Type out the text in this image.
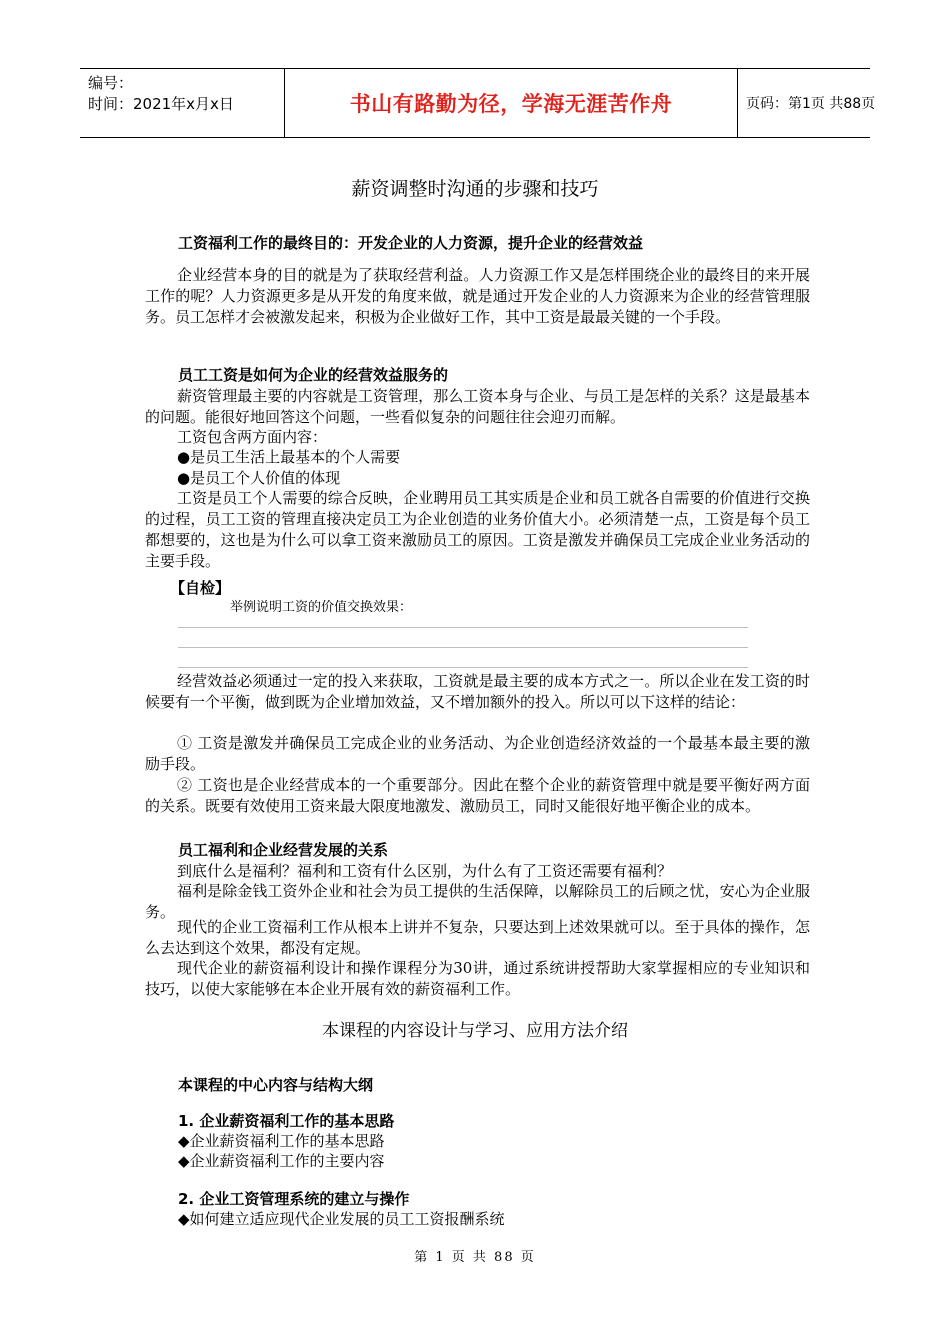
编号：
时间：2021年x月x日	书山有路勤为径，学海无涯苦作舟	页码：第1页 共88页
薪资调整时沟通的步骤和技巧
工资福利工作的最终目的：开发企业的人力资源，提升企业的经营效益
企业经营本身的目的就是为了获取经营利益。人力资源工作又是怎样围绕企业的最终目的来开展工作的呢？人力资源更多是从开发的角度来做，就是通过开发企业的人力资源来为企业的经营管理服务。员工怎样才会被激发起来，积极为企业做好工作，其中工资是最最关键的一个手段。
员工工资是如何为企业的经营效益服务的
薪资管理最主要的内容就是工资管理，那么工资本身与企业、与员工是怎样的关系？这是最基本的问题。能很好地回答这个问题，一些看似复杂的问题往往会迎刃而解。
工资包含两方面内容：
●是员工生活上最基本的个人需要
●是员工个人价值的体现
工资是员工个人需要的综合反映，企业聘用员工其实质是企业和员工就各自需要的价值进行交换的过程，员工工资的管理直接决定员工为企业创造的业务价值大小。必须清楚一点，工资是每个员工都想要的，这也是为什么可以拿工资来激励员工的原因。工资是激发并确保员工完成企业业务活动的主要手段。
【自检】
举例说明工资的价值交换效果：
经营效益必须通过一定的投入来获取，工资就是最主要的成本方式之一。所以企业在发工资的时候要有一个平衡，做到既为企业增加效益，又不增加额外的投入。所以可以下这样的结论：
① 工资是激发并确保员工完成企业的业务活动、为企业创造经济效益的一个最基本最主要的激励手段。
② 工资也是企业经营成本的一个重要部分。因此在整个企业的薪资管理中就是要平衡好两方面的关系。既要有效使用工资来最大限度地激发、激励员工，同时又能很好地平衡企业的成本。
员工福利和企业经营发展的关系
到底什么是福利？福利和工资有什么区别，为什么有了工资还需要有福利？
福利是除金钱工资外企业和社会为员工提供的生活保障，以解除员工的后顾之忧，安心为企业服务。
现代的企业工资福利工作从根本上讲并不复杂，只要达到上述效果就可以。至于具体的操作，怎么去达到这个效果，都没有定规。
现代企业的薪资福利设计和操作课程分为30讲，通过系统讲授帮助大家掌握相应的专业知识和技巧，以使大家能够在本企业开展有效的薪资福利工作。
本课程的内容设计与学习、应用方法介绍
本课程的中心内容与结构大纲
1. 企业薪资福利工作的基本思路
◆企业薪资福利工作的基本思路
◆企业薪资福利工作的主要内容
2. 企业工资管理系统的建立与操作
◆如何建立适应现代企业发展的员工工资报酬系统
第 1 页 共 88 页
